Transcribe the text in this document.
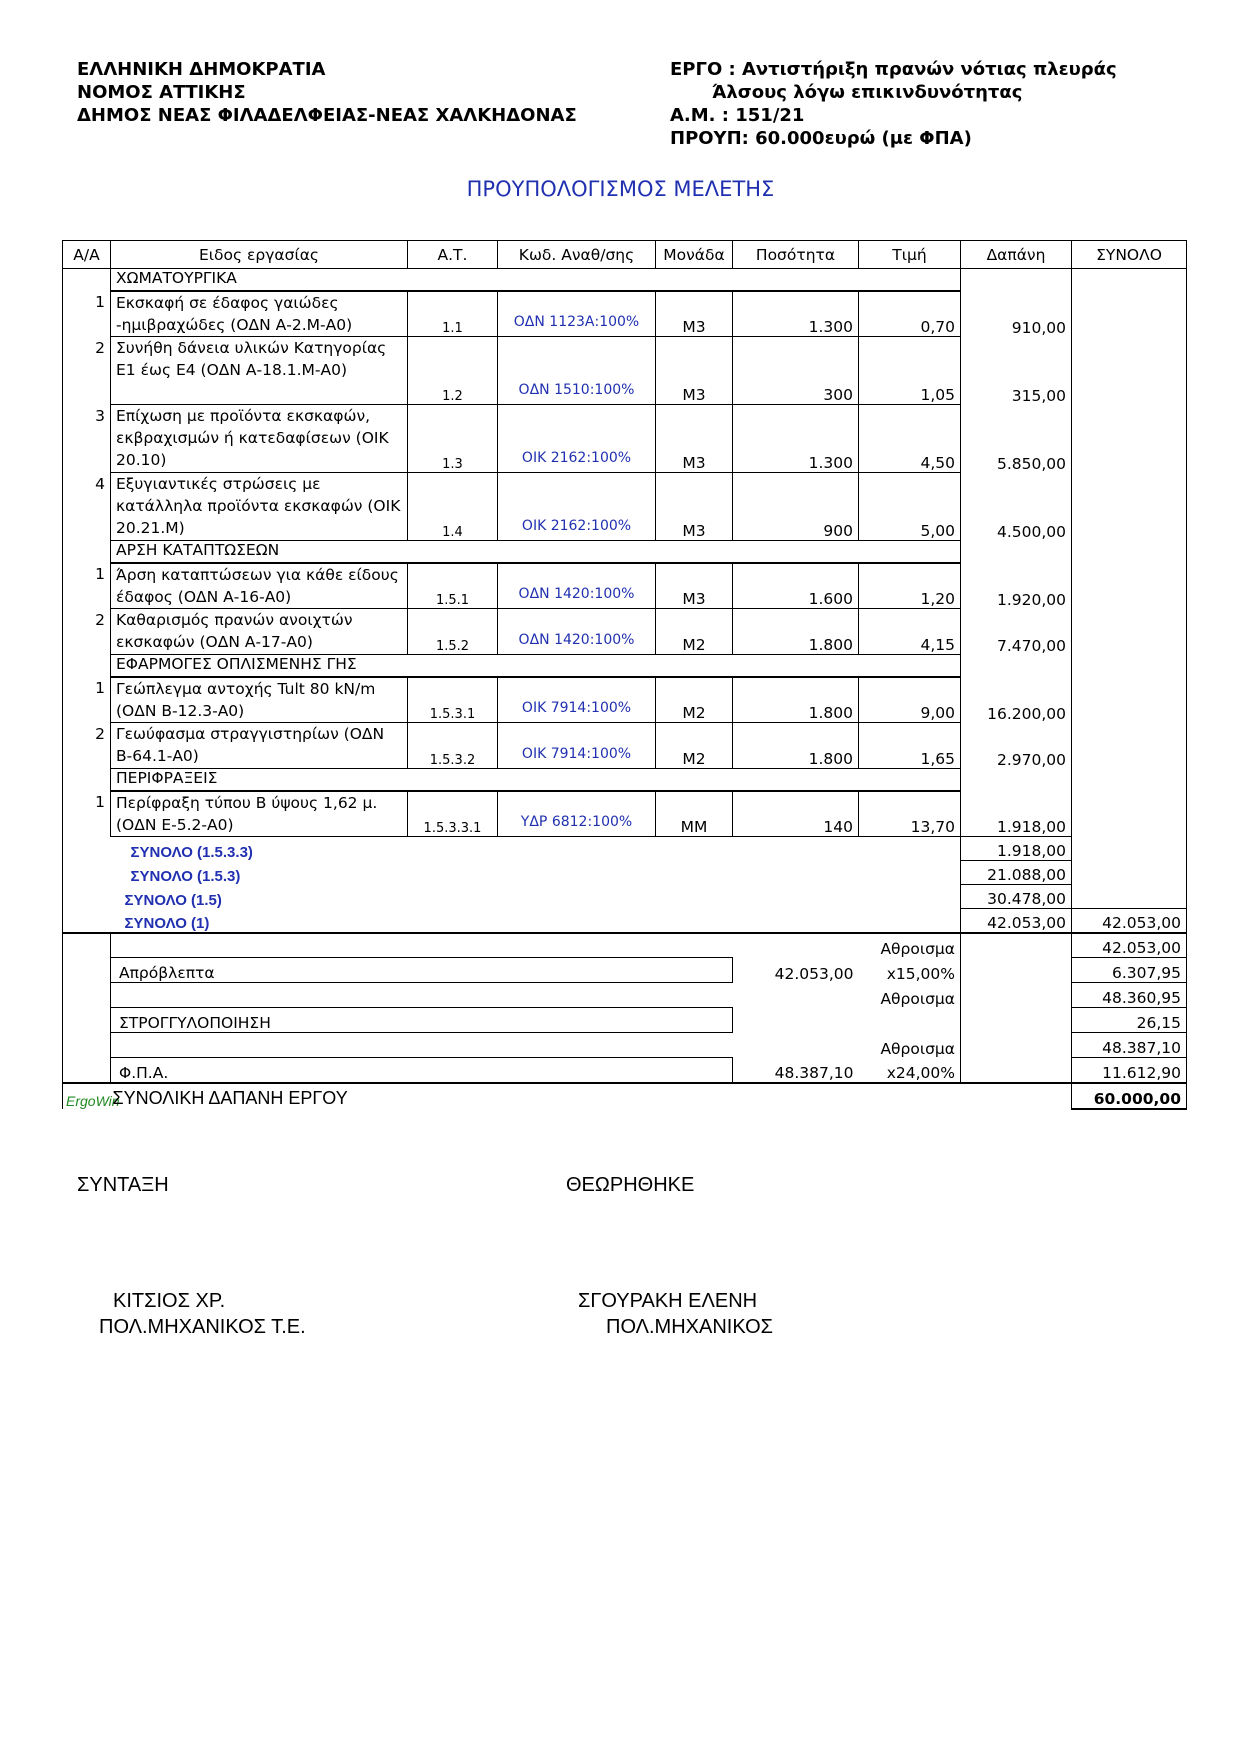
ΕΛΛΗΝΙΚΗ ΔΗΜΟΚΡΑΤΙΑ
ΝΟΜΟΣ ΑΤΤΙΚΗΣ
ΔΗΜΟΣ ΝΕΑΣ ΦΙΛΑΔΕΛΦΕΙΑΣ-ΝΕΑΣ ΧΑΛΚΗΔΟΝΑΣ
ΕΡΓΟ : Αντιστήριξη πρανών νότιας πλευράς
Άλσους λόγω επικινδυνότητας
Α.Μ. : 151/21
ΠΡΟΥΠ: 60.000ευρώ (με ΦΠΑ)
ΠΡΟΥΠΟΛΟΓΙΣΜΟΣ ΜΕΛΕΤΗΣ
Α/Α	Ειδος εργασίας	Α.Τ.	Κωδ. Αναθ/σης	Μονάδα	Ποσότητα	Τιμή	Δαπάνη	ΣΥΝΟΛΟ
	ΧΩΜΑΤΟΥΡΓΙΚΑ							
1	Εκσκαφή σε έδαφος γαιώδες -ημιβραχώδες (ΟΔΝ Α-2.Μ-Α0)	1.1	ΟΔΝ 1123Α:100%	Μ3	1.300	0,70	910,00	
2	Συνήθη δάνεια υλικών Κατηγορίας Ε1 έως Ε4 (ΟΔΝ Α-18.1.Μ-Α0)	1.2	ΟΔΝ 1510:100%	Μ3	300	1,05	315,00	
3	Επίχωση με προϊόντα εκσκαφών, εκβραχισμών ή κατεδαφίσεων (ΟΙΚ 20.10)	1.3	ΟΙΚ 2162:100%	Μ3	1.300	4,50	5.850,00	
4	Εξυγιαντικές στρώσεις με κατάλληλα προϊόντα εκσκαφών (ΟΙΚ 20.21.Μ)	1.4	ΟΙΚ 2162:100%	Μ3	900	5,00	4.500,00	
	ΑΡΣΗ ΚΑΤΑΠΤΩΣΕΩΝ							
1	Άρση καταπτώσεων για κάθε είδους έδαφος (ΟΔΝ Α-16-Α0)	1.5.1	ΟΔΝ 1420:100%	Μ3	1.600	1,20	1.920,00	
2	Καθαρισμός πρανών ανοιχτών εκσκαφών (ΟΔΝ Α-17-Α0)	1.5.2	ΟΔΝ 1420:100%	Μ2	1.800	4,15	7.470,00	
	ΕΦΑΡΜΟΓΕΣ ΟΠΛΙΣΜΕΝΗΣ ΓΗΣ							
1	Γεώπλεγμα αντοχής Tult 80 kN/m (ΟΔΝ Β-12.3-Α0)	1.5.3.1	ΟΙΚ 7914:100%	Μ2	1.800	9,00	16.200,00	
2	Γεωύφασμα στραγγιστηρίων (ΟΔΝ Β-64.1-Α0)	1.5.3.2	ΟΙΚ 7914:100%	Μ2	1.800	1,65	2.970,00	
	ΠΕΡΙΦΡΑΞΕΙΣ							
1	Περίφραξη τύπου Β ύψους 1,62 μ. (ΟΔΝ Ε-5.2-Α0)	1.5.3.3.1	ΥΔΡ 6812:100%	ΜΜ	140	13,70	1.918,00	
	ΣΥΝΟΛΟ (1.5.3.3)						1.918,00	
	ΣΥΝΟΛΟ (1.5.3)						21.088,00	
	ΣΥΝΟΛΟ (1.5)						30.478,00	
	ΣΥΝΟΛΟ (1)						42.053,00	42.053,00
						Αθροισμα		42.053,00
	Απρόβλεπτα				42.053,00	x15,00%		6.307,95
						Αθροισμα		48.360,95
	ΣΤΡΟΓΓΥΛΟΠΟΙΗΣΗ							26,15
						Αθροισμα		48.387,10
	Φ.Π.Α.				48.387,10	x24,00%		11.612,90
ErgoWin	ΣΥΝΟΛΙΚΗ ΔΑΠΑΝΗ ΕΡΓΟΥ							60.000,00
ΣΥΝΤΑΞΗ
ΚΙΤΣΙΟΣ ΧΡ.
ΠΟΛ.ΜΗΧΑΝΙΚΟΣ Τ.Ε.
ΘΕΩΡΗΘΗΚΕ
ΣΓΟΥΡΑΚΗ ΕΛΕΝΗ
ΠΟΛ.ΜΗΧΑΝΙΚΟΣ
